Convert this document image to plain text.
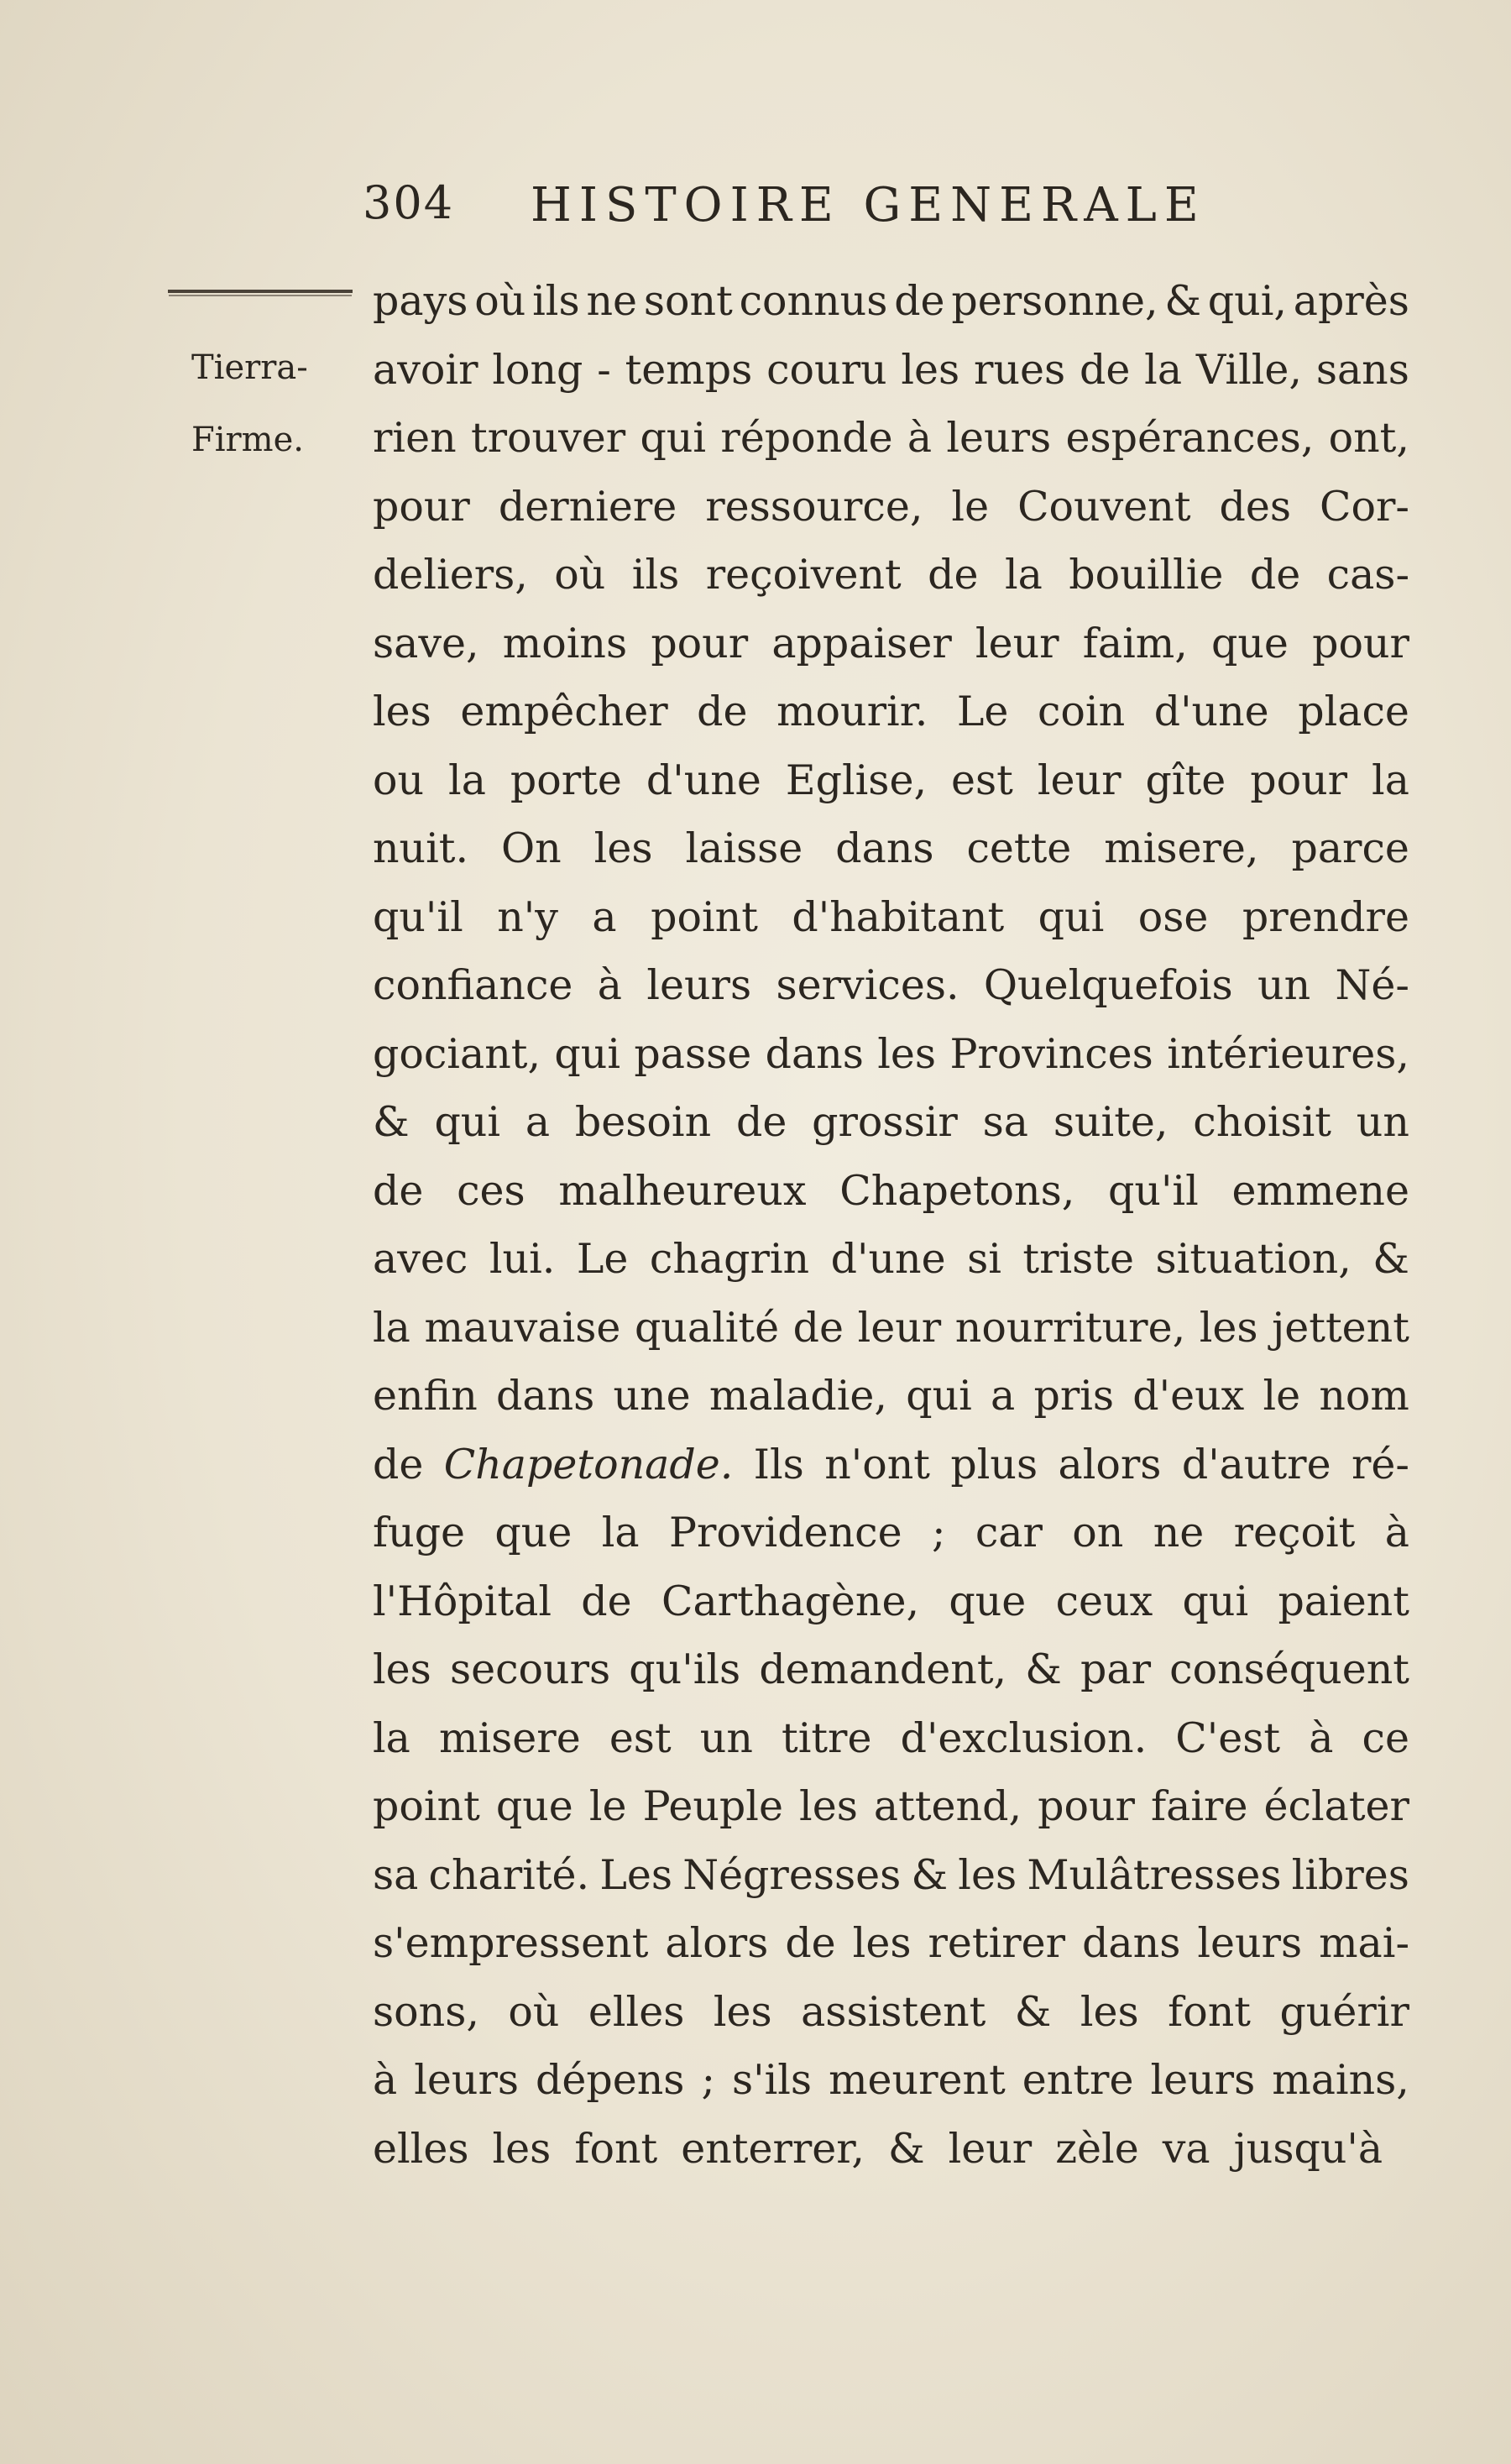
304 HISTOIRE GENERALE
Tierra-
Firme.
pays où ils ne sont connus de personne, & qui, après
avoir long - temps couru les rues de la Ville, sans
rien trouver qui réponde à leurs espérances, ont,
pour derniere ressource, le Couvent des Cor-
deliers, où ils reçoivent de la bouillie de cas-
save, moins pour appaiser leur faim, que pour
les empêcher de mourir. Le coin d'une place
ou la porte d'une Eglise, est leur gîte pour la
nuit. On les laisse dans cette misere, parce
qu'il n'y a point d'habitant qui ose prendre
confiance à leurs services. Quelquefois un Né-
gociant, qui passe dans les Provinces intérieures,
& qui a besoin de grossir sa suite, choisit un
de ces malheureux Chapetons, qu'il emmene
avec lui. Le chagrin d'une si triste situation, &
la mauvaise qualité de leur nourriture, les jettent
enfin dans une maladie, qui a pris d'eux le nom
de Chapetonade. Ils n'ont plus alors d'autre ré-
fuge que la Providence ; car on ne reçoit à
l'Hôpital de Carthagène, que ceux qui paient
les secours qu'ils demandent, & par conséquent
la misere est un titre d'exclusion. C'est à ce
point que le Peuple les attend, pour faire éclater
sa charité. Les Négresses & les Mulâtresses libres
s'empressent alors de les retirer dans leurs mai-
sons, où elles les assistent & les font guérir
à leurs dépens ; s'ils meurent entre leurs mains,
elles les font enterrer, & leur zèle va jusqu'à
